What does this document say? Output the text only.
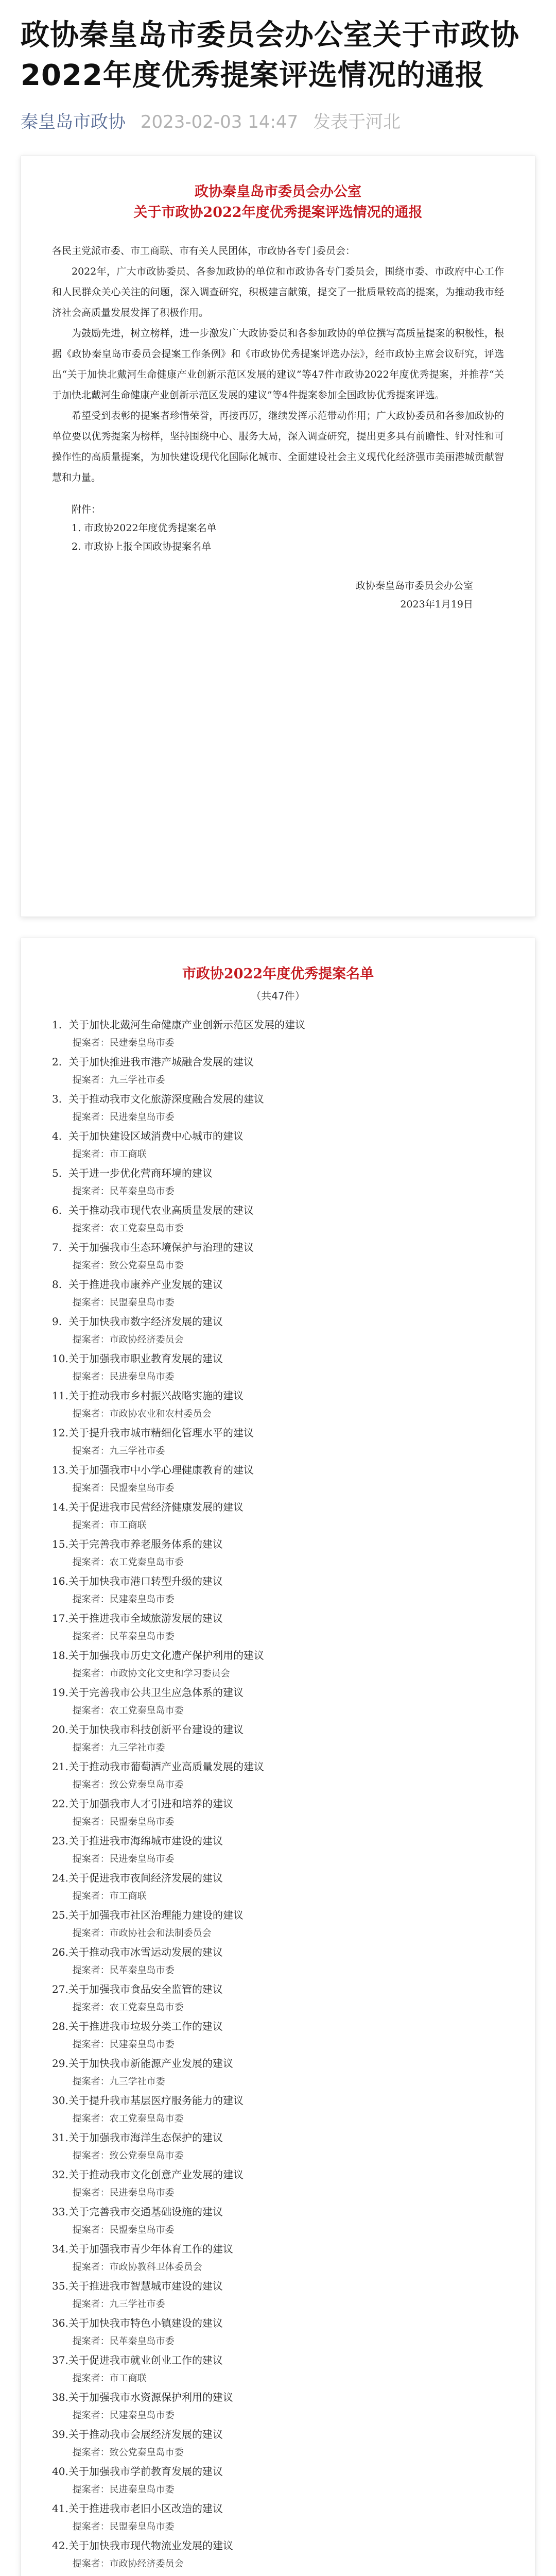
政协秦皇岛市委员会办公室关于市政协2022年度优秀提案评选情况的通报
秦皇岛市政协 2023-02-03 14:47 发表于河北
政协秦皇岛市委员会办公室
关于市政协2022年度优秀提案评选情况的通报

各民主党派市委、市工商联、市有关人民团体，市政协各专门委员会：

2022年，广大市政协委员、各参加政协的单位和市政协各专门委员会，围绕市委、市政府中心工作和人民群众关心关注的问题，深入调查研究，积极建言献策，提交了一批质量较高的提案，为推动我市经济社会高质量发展发挥了积极作用。

为鼓励先进，树立榜样，进一步激发广大政协委员和各参加政协的单位撰写高质量提案的积极性，根据《政协秦皇岛市委员会提案工作条例》和《市政协优秀提案评选办法》，经市政协主席会议研究，评选出“关于加快北戴河生命健康产业创新示范区发展的建议”等47件市政协2022年度优秀提案，并推荐“关于加快北戴河生命健康产业创新示范区发展的建议”等4件提案参加全国政协优秀提案评选。

希望受到表彰的提案者珍惜荣誉，再接再厉，继续发挥示范带动作用；广大政协委员和各参加政协的单位要以优秀提案为榜样，坚持围绕中心、服务大局，深入调查研究，提出更多具有前瞻性、针对性和可操作性的高质量提案，为加快建设现代化国际化城市、全面建设社会主义现代化经济强市美丽港城贡献智慧和力量。

附件：
1. 市政协2022年度优秀提案名单
2. 市政协上报全国政协提案名单
政协秦皇岛市委员会办公室
2023年1月19日
市政协2022年度优秀提案名单
（共47件）
1. 关于加快北戴河生命健康产业创新示范区发展的建议
提案者：民建秦皇岛市委
2. 关于加快推进我市港产城融合发展的建议
提案者：九三学社市委
3. 关于推动我市文化旅游深度融合发展的建议
提案者：民进秦皇岛市委
4. 关于加快建设区域消费中心城市的建议
提案者：市工商联
5. 关于进一步优化营商环境的建议
提案者：民革秦皇岛市委
6. 关于推动我市现代农业高质量发展的建议
提案者：农工党秦皇岛市委
7. 关于加强我市生态环境保护与治理的建议
提案者：致公党秦皇岛市委
8. 关于推进我市康养产业发展的建议
提案者：民盟秦皇岛市委
9. 关于加快我市数字经济发展的建议
提案者：市政协经济委员会
10.关于加强我市职业教育发展的建议
提案者：民进秦皇岛市委
11.关于推动我市乡村振兴战略实施的建议
提案者：市政协农业和农村委员会
12.关于提升我市城市精细化管理水平的建议
提案者：九三学社市委
13.关于加强我市中小学心理健康教育的建议
提案者：民盟秦皇岛市委
14.关于促进我市民营经济健康发展的建议
提案者：市工商联
15.关于完善我市养老服务体系的建议
提案者：农工党秦皇岛市委
16.关于加快我市港口转型升级的建议
提案者：民建秦皇岛市委
17.关于推进我市全域旅游发展的建议
提案者：民革秦皇岛市委
18.关于加强我市历史文化遗产保护利用的建议
提案者：市政协文化文史和学习委员会
19.关于完善我市公共卫生应急体系的建议
提案者：农工党秦皇岛市委
20.关于加快我市科技创新平台建设的建议
提案者：九三学社市委
21.关于推动我市葡萄酒产业高质量发展的建议
提案者：致公党秦皇岛市委
22.关于加强我市人才引进和培养的建议
提案者：民盟秦皇岛市委
23.关于推进我市海绵城市建设的建议
提案者：民进秦皇岛市委
24.关于促进我市夜间经济发展的建议
提案者：市工商联
25.关于加强我市社区治理能力建设的建议
提案者：市政协社会和法制委员会
26.关于推动我市冰雪运动发展的建议
提案者：民革秦皇岛市委
27.关于加强我市食品安全监管的建议
提案者：农工党秦皇岛市委
28.关于推进我市垃圾分类工作的建议
提案者：民建秦皇岛市委
29.关于加快我市新能源产业发展的建议
提案者：九三学社市委
30.关于提升我市基层医疗服务能力的建议
提案者：农工党秦皇岛市委
31.关于加强我市海洋生态保护的建议
提案者：致公党秦皇岛市委
32.关于推动我市文化创意产业发展的建议
提案者：民进秦皇岛市委
33.关于完善我市交通基础设施的建议
提案者：民盟秦皇岛市委
34.关于加强我市青少年体育工作的建议
提案者：市政协教科卫体委员会
35.关于推进我市智慧城市建设的建议
提案者：九三学社市委
36.关于加快我市特色小镇建设的建议
提案者：民革秦皇岛市委
37.关于促进我市就业创业工作的建议
提案者：市工商联
38.关于加强我市水资源保护利用的建议
提案者：民建秦皇岛市委
39.关于推动我市会展经济发展的建议
提案者：致公党秦皇岛市委
40.关于加强我市学前教育发展的建议
提案者：民进秦皇岛市委
41.关于推进我市老旧小区改造的建议
提案者：民盟秦皇岛市委
42.关于加快我市现代物流业发展的建议
提案者：市政协经济委员会
